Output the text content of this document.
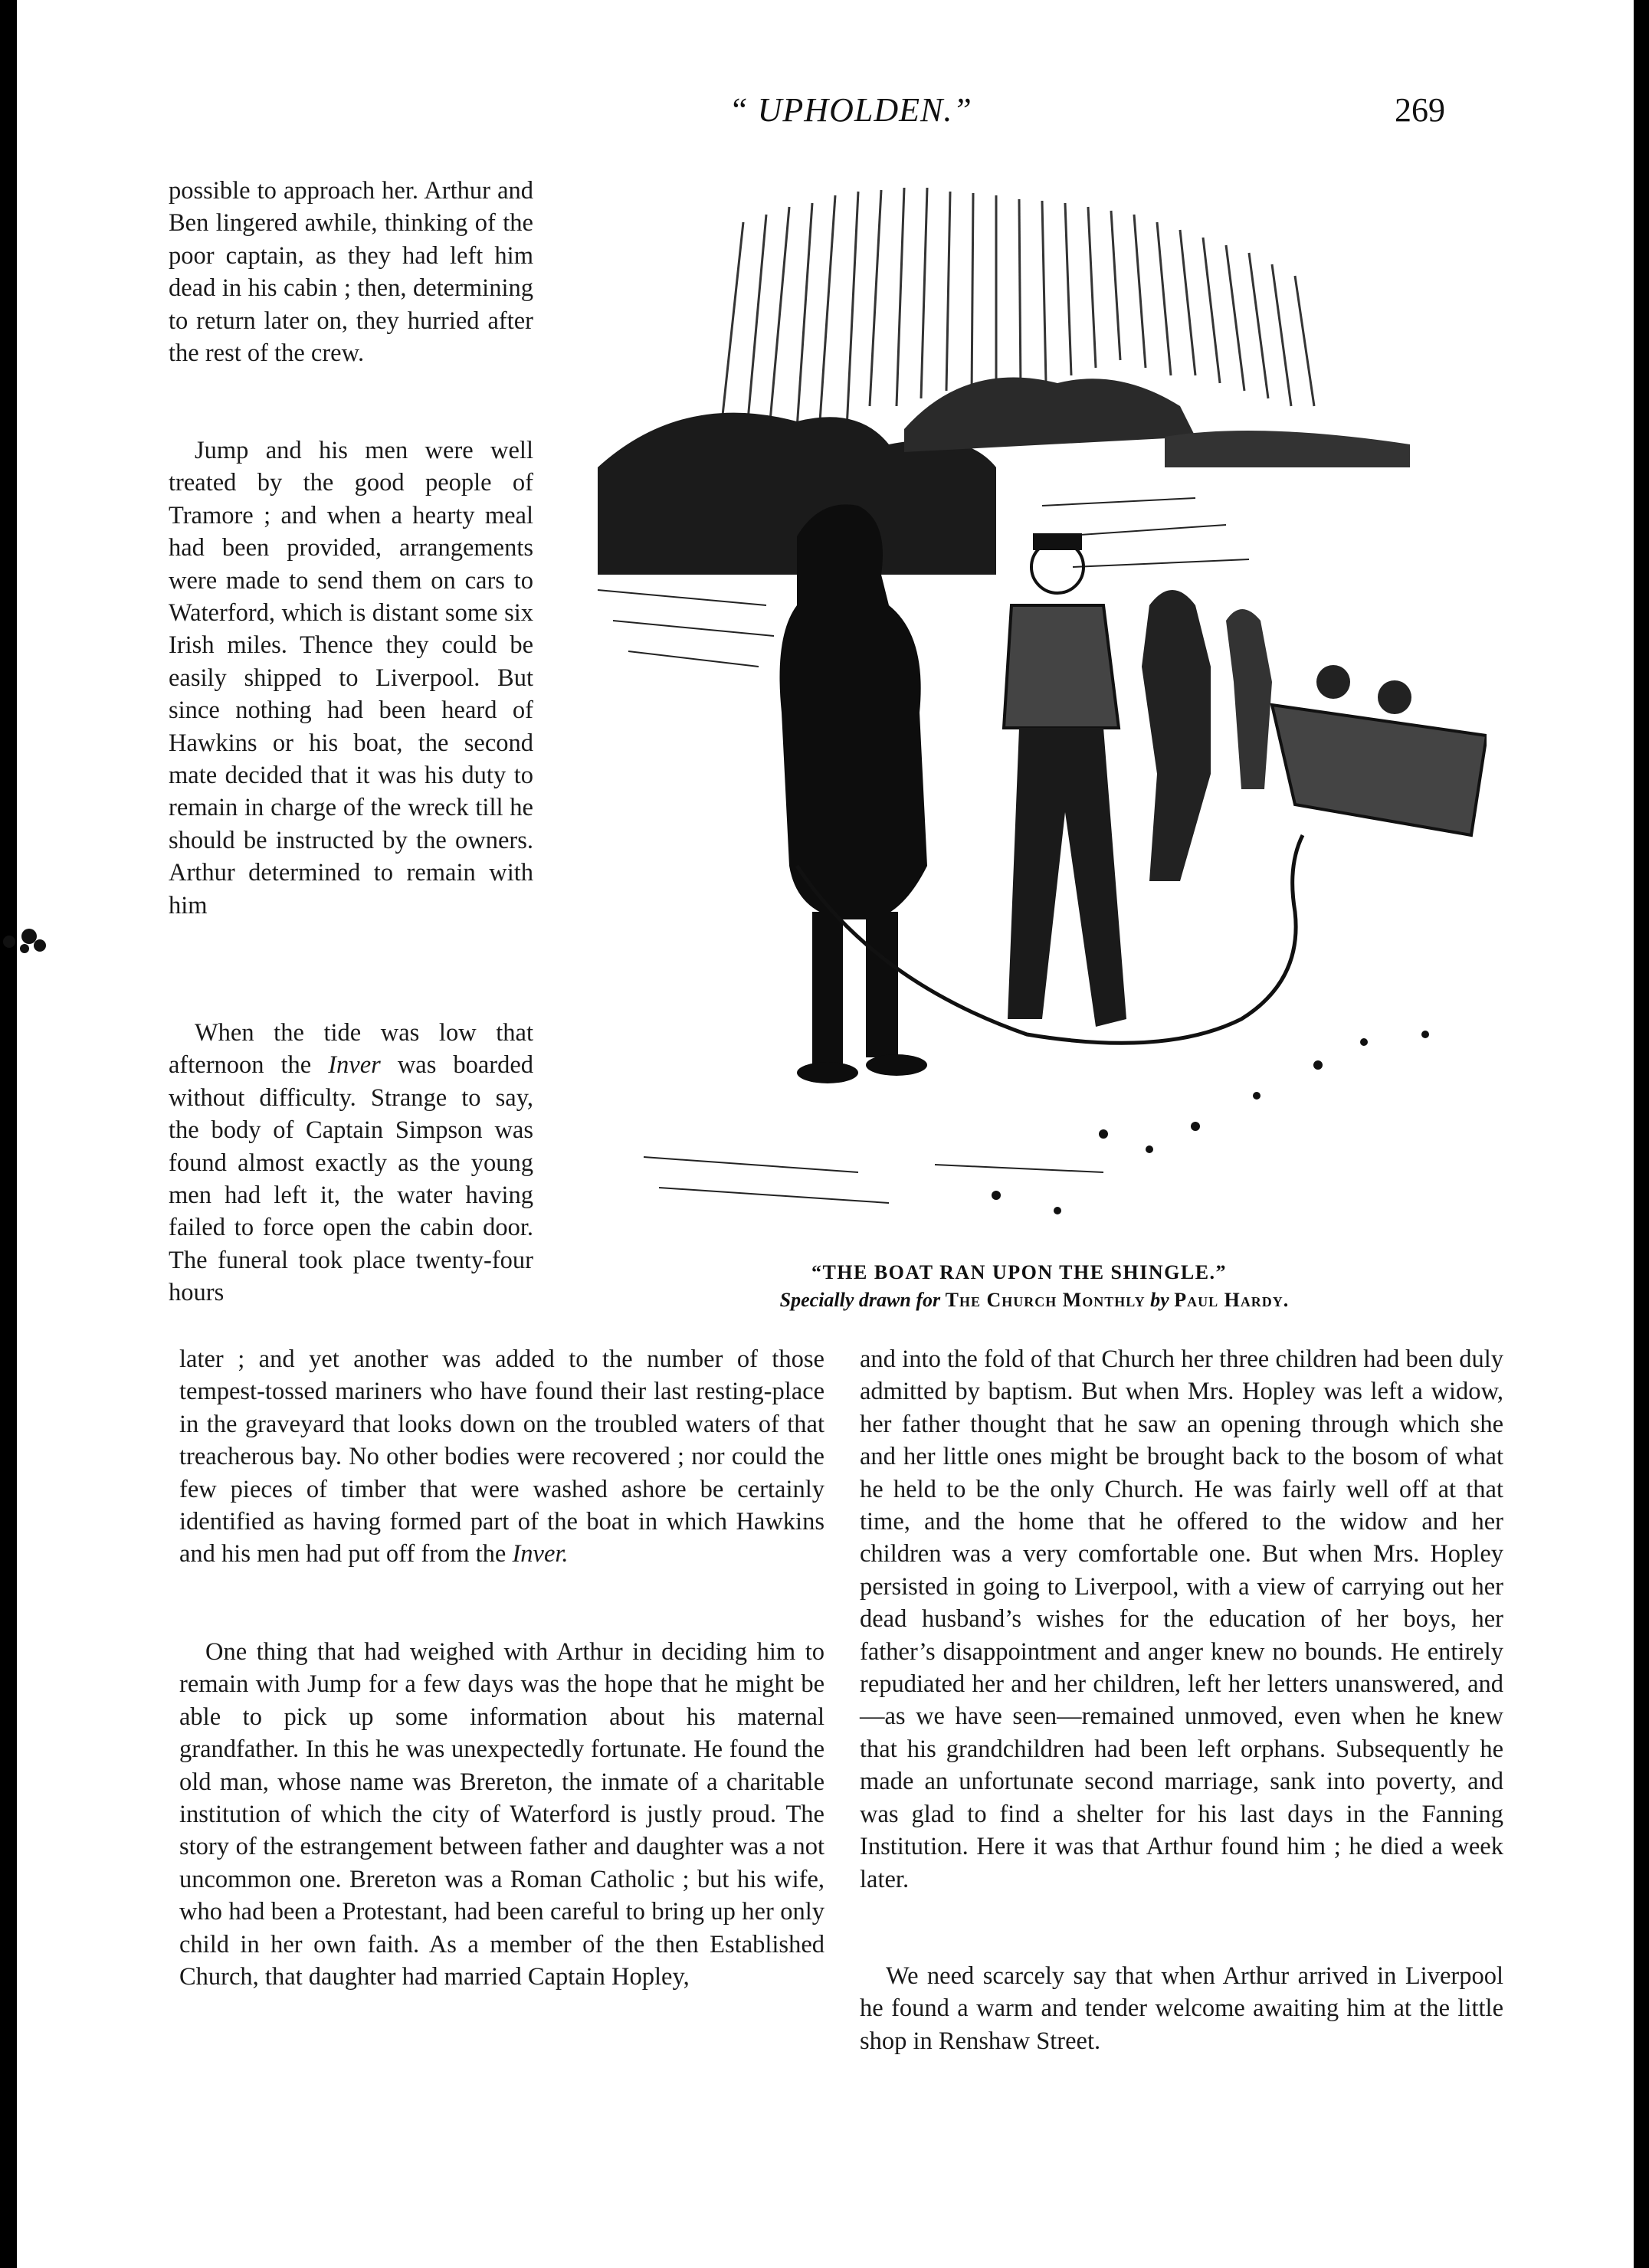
“ UPHOLDEN.”	269

possible to approach her. Arthur and Ben lingered awhile, thinking of the poor captain, as they had left him dead in his cabin ; then, determining to return later on, they hurried after the rest of the crew.

Jump and his men were well treated by the good people of Tramore ; and when a hearty meal had been provided, arrangements were made to send them on cars to Waterford, which is distant some six Irish miles. Thence they could be easily shipped to Liverpool. But since nothing had been heard of Hawkins or his boat, the second mate decided that it was his duty to remain in charge of the wreck till he should be instructed by the owners. Arthur determined to remain with him

When the tide was low that afternoon the Inver was boarded without difficulty. Strange to say, the body of Captain Simpson was found almost exactly as the young men had left it, the water having failed to force open the cabin door. The funeral took place twenty-four hours

later ; and yet another was added to the number of those tempest-tossed mariners who have found their last resting-place in the graveyard that looks down on the troubled waters of that treacherous bay. No other bodies were recovered ; nor could the few pieces of timber that were washed ashore be certainly identified as having formed part of the boat in which Hawkins and his men had put off from the Inver.

One thing that had weighed with Arthur in deciding him to remain with Jump for a few days was the hope that he might be able to pick up some information about his maternal grandfather. In this he was unexpectedly fortunate. He found the old man, whose name was Brereton, the inmate of a charitable institution of which the city of Waterford is justly proud. The story of the estrangement between father and daughter was a not uncommon one. Brereton was a Roman Catholic ; but his wife, who had been a Protestant, had been careful to bring up her only child in her own faith. As a member of the then Established Church, that daughter had married Captain Hopley,

and into the fold of that Church her three children had been duly admitted by baptism. But when Mrs. Hopley was left a widow, her father thought that he saw an opening through which she and her little ones might be brought back to the bosom of what he held to be the only Church. He was fairly well off at that time, and the home that he offered to the widow and her children was a very comfortable one. But when Mrs. Hopley persisted in going to Liverpool, with a view of carrying out her dead husband’s wishes for the education of her boys, her father’s disappointment and anger knew no bounds. He entirely repudiated her and her children, left her letters unanswered, and—as we have seen—remained unmoved, even when he knew that his grandchildren had been left orphans. Subsequently he made an unfortunate second marriage, sank into poverty, and was glad to find a shelter for his last days in the Fanning Institution. Here it was that Arthur found him ; he died a week later.

We need scarcely say that when Arthur arrived in Liverpool he found a warm and tender welcome awaiting him at the little shop in Renshaw Street.

“THE BOAT RAN UPON THE SHINGLE.”
Specially drawn for The Church Monthly by Paul Hardy.
